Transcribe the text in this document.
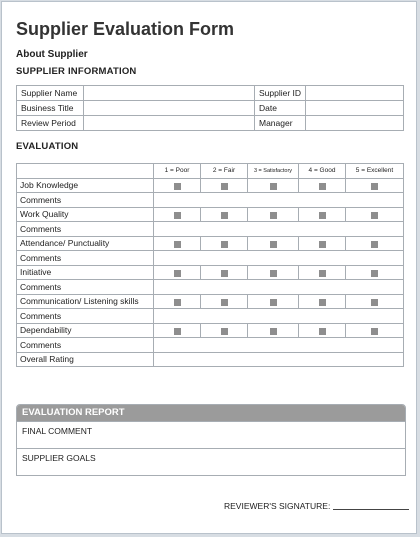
Supplier Evaluation Form
About Supplier
SUPPLIER INFORMATION
Supplier Name		Supplier ID	
Business Title		Date	
Review Period		Manager	
EVALUATION
	1 = Poor	2 = Fair	3 = Satisfactory	4 = Good	5 = Excellent
Job Knowledge					
Comments					
Work Quality					
Comments					
Attendance/ Punctuality					
Comments					
Initiative					
Comments					
Communication/ Listening skills					
Comments					
Dependability					
Comments					
Overall Rating					
EVALUATION REPORT
FINAL COMMENT
SUPPLIER GOALS
REVIEWER'S SIGNATURE:
